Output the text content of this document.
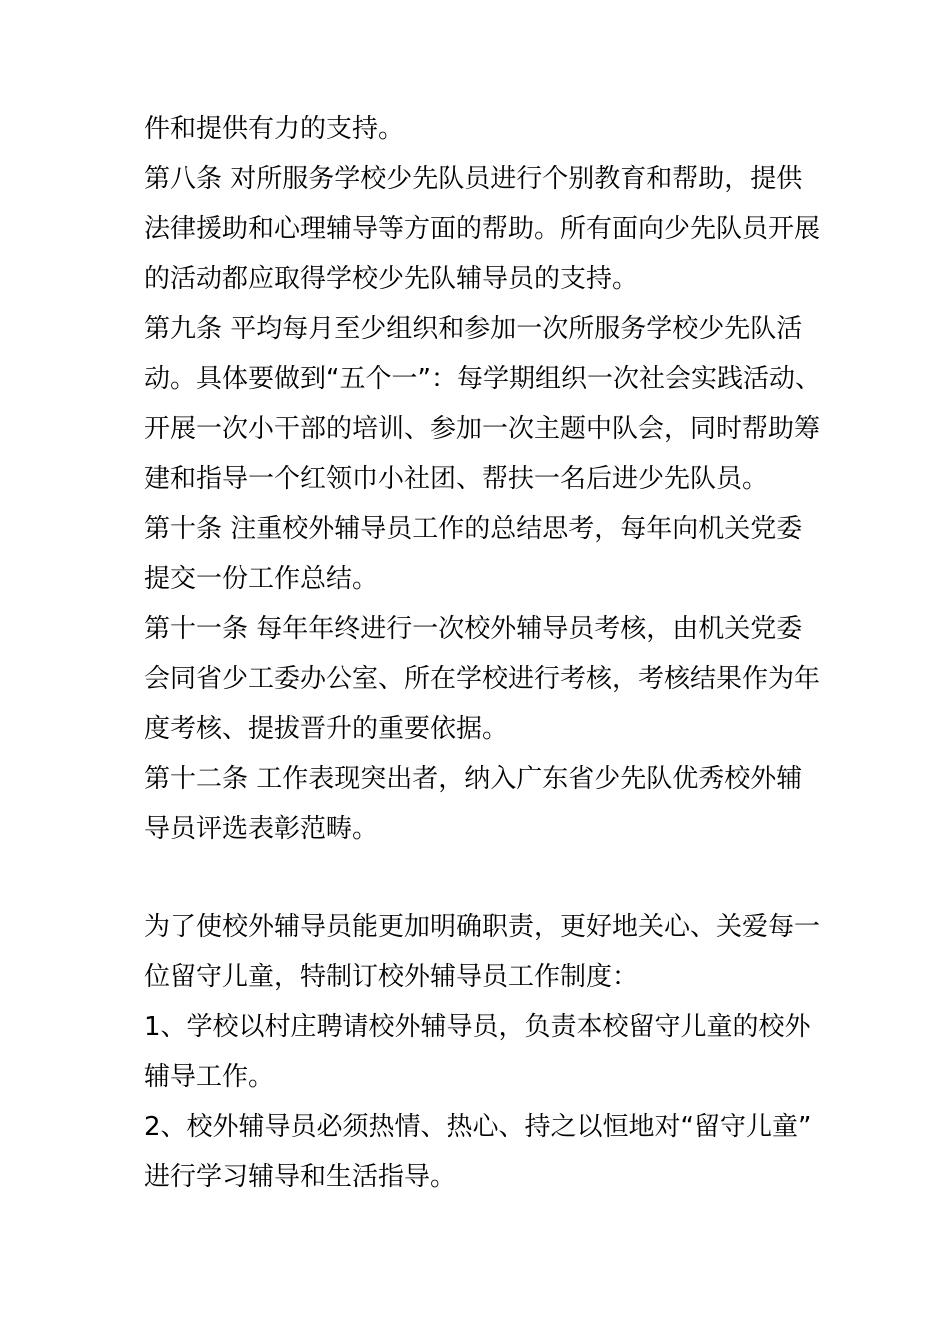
件和提供有力的支持。
第八条 对所服务学校少先队员进行个别教育和帮助，提供
法律援助和心理辅导等方面的帮助。所有面向少先队员开展
的活动都应取得学校少先队辅导员的支持。
第九条 平均每月至少组织和参加一次所服务学校少先队活
动。具体要做到“五个一”：每学期组织一次社会实践活动、
开展一次小干部的培训、参加一次主题中队会，同时帮助筹
建和指导一个红领巾小社团、帮扶一名后进少先队员。
第十条 注重校外辅导员工作的总结思考，每年向机关党委
提交一份工作总结。
第十一条 每年年终进行一次校外辅导员考核，由机关党委
会同省少工委办公室、所在学校进行考核，考核结果作为年
度考核、提拔晋升的重要依据。
第十二条 工作表现突出者，纳入广东省少先队优秀校外辅
导员评选表彰范畴。
为了使校外辅导员能更加明确职责，更好地关心、关爱每一
位留守儿童，特制订校外辅导员工作制度：
1、学校以村庄聘请校外辅导员，负责本校留守儿童的校外
辅导工作。
2、校外辅导员必须热情、热心、持之以恒地对“留守儿童”
进行学习辅导和生活指导。
